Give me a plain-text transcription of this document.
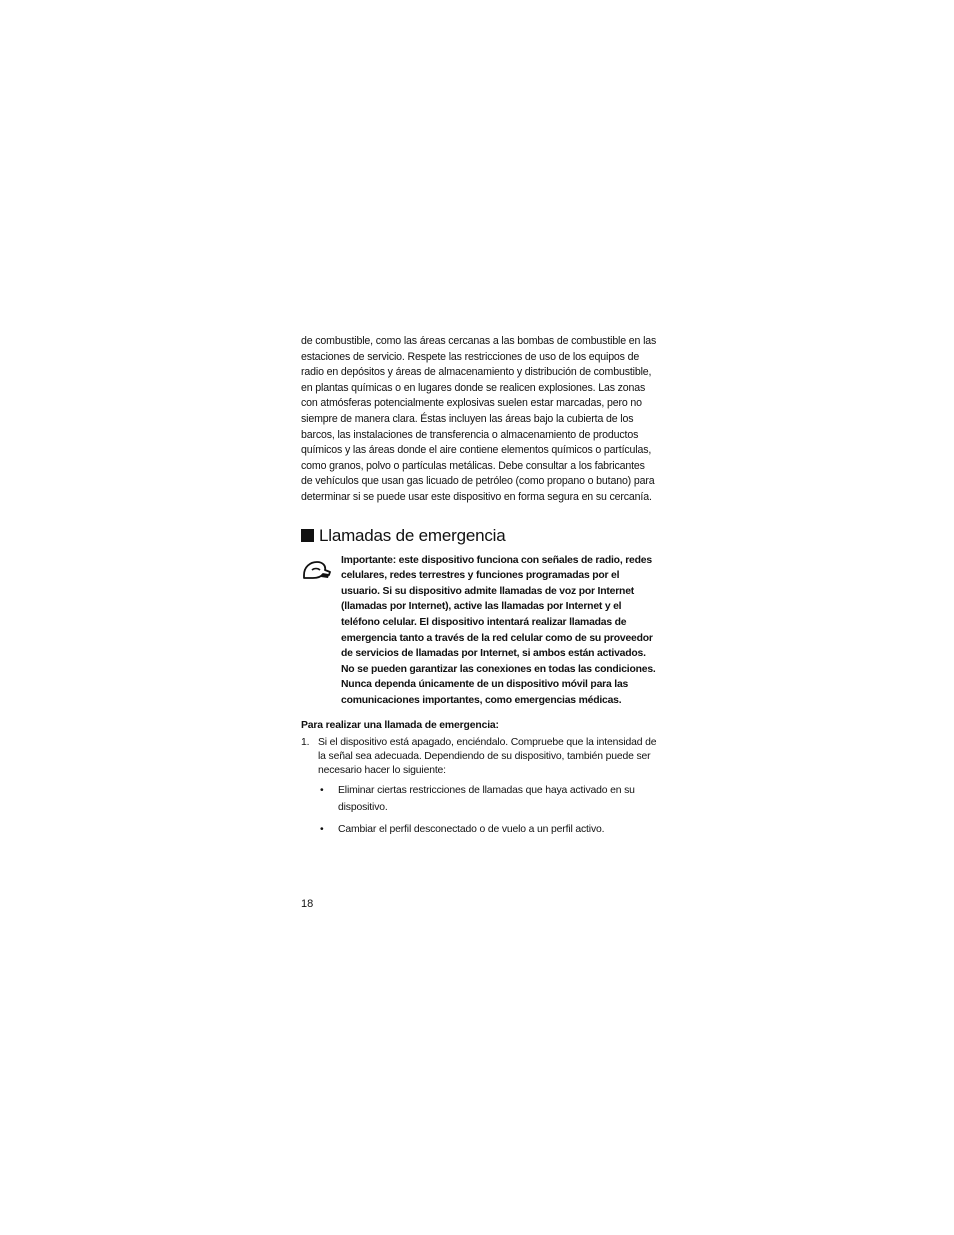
de combustible, como las áreas cercanas a las bombas de combustible en las estaciones de servicio. Respete las restricciones de uso de los equipos de radio en depósitos y áreas de almacenamiento y distribución de combustible, en plantas químicas o en lugares donde se realicen explosiones. Las zonas con atmósferas potencialmente explosivas suelen estar marcadas, pero no siempre de manera clara. Éstas incluyen las áreas bajo la cubierta de los barcos, las instalaciones de transferencia o almacenamiento de productos químicos y las áreas donde el aire contiene elementos químicos o partículas, como granos, polvo o partículas metálicas. Debe consultar a los fabricantes de vehículos que usan gas licuado de petróleo (como propano o butano) para determinar si se puede usar este dispositivo en forma segura en su cercanía.

Llamadas de emergencia
Importante: este dispositivo funciona con señales de radio, redes celulares, redes terrestres y funciones programadas por el usuario. Si su dispositivo admite llamadas de voz por Internet (llamadas por Internet), active las llamadas por Internet y el teléfono celular. El dispositivo intentará realizar llamadas de emergencia tanto a través de la red celular como de su proveedor de servicios de llamadas por Internet, si ambos están activados. No se pueden garantizar las conexiones en todas las condiciones. Nunca dependa únicamente de un dispositivo móvil para las comunicaciones importantes, como emergencias médicas.
Para realizar una llamada de emergencia:
1. Si el dispositivo está apagado, enciéndalo. Compruebe que la intensidad de la señal sea adecuada. Dependiendo de su dispositivo, también puede ser necesario hacer lo siguiente:
•	Eliminar ciertas restricciones de llamadas que haya activado en su dispositivo.
•	Cambiar el perfil desconectado o de vuelo a un perfil activo.
18
